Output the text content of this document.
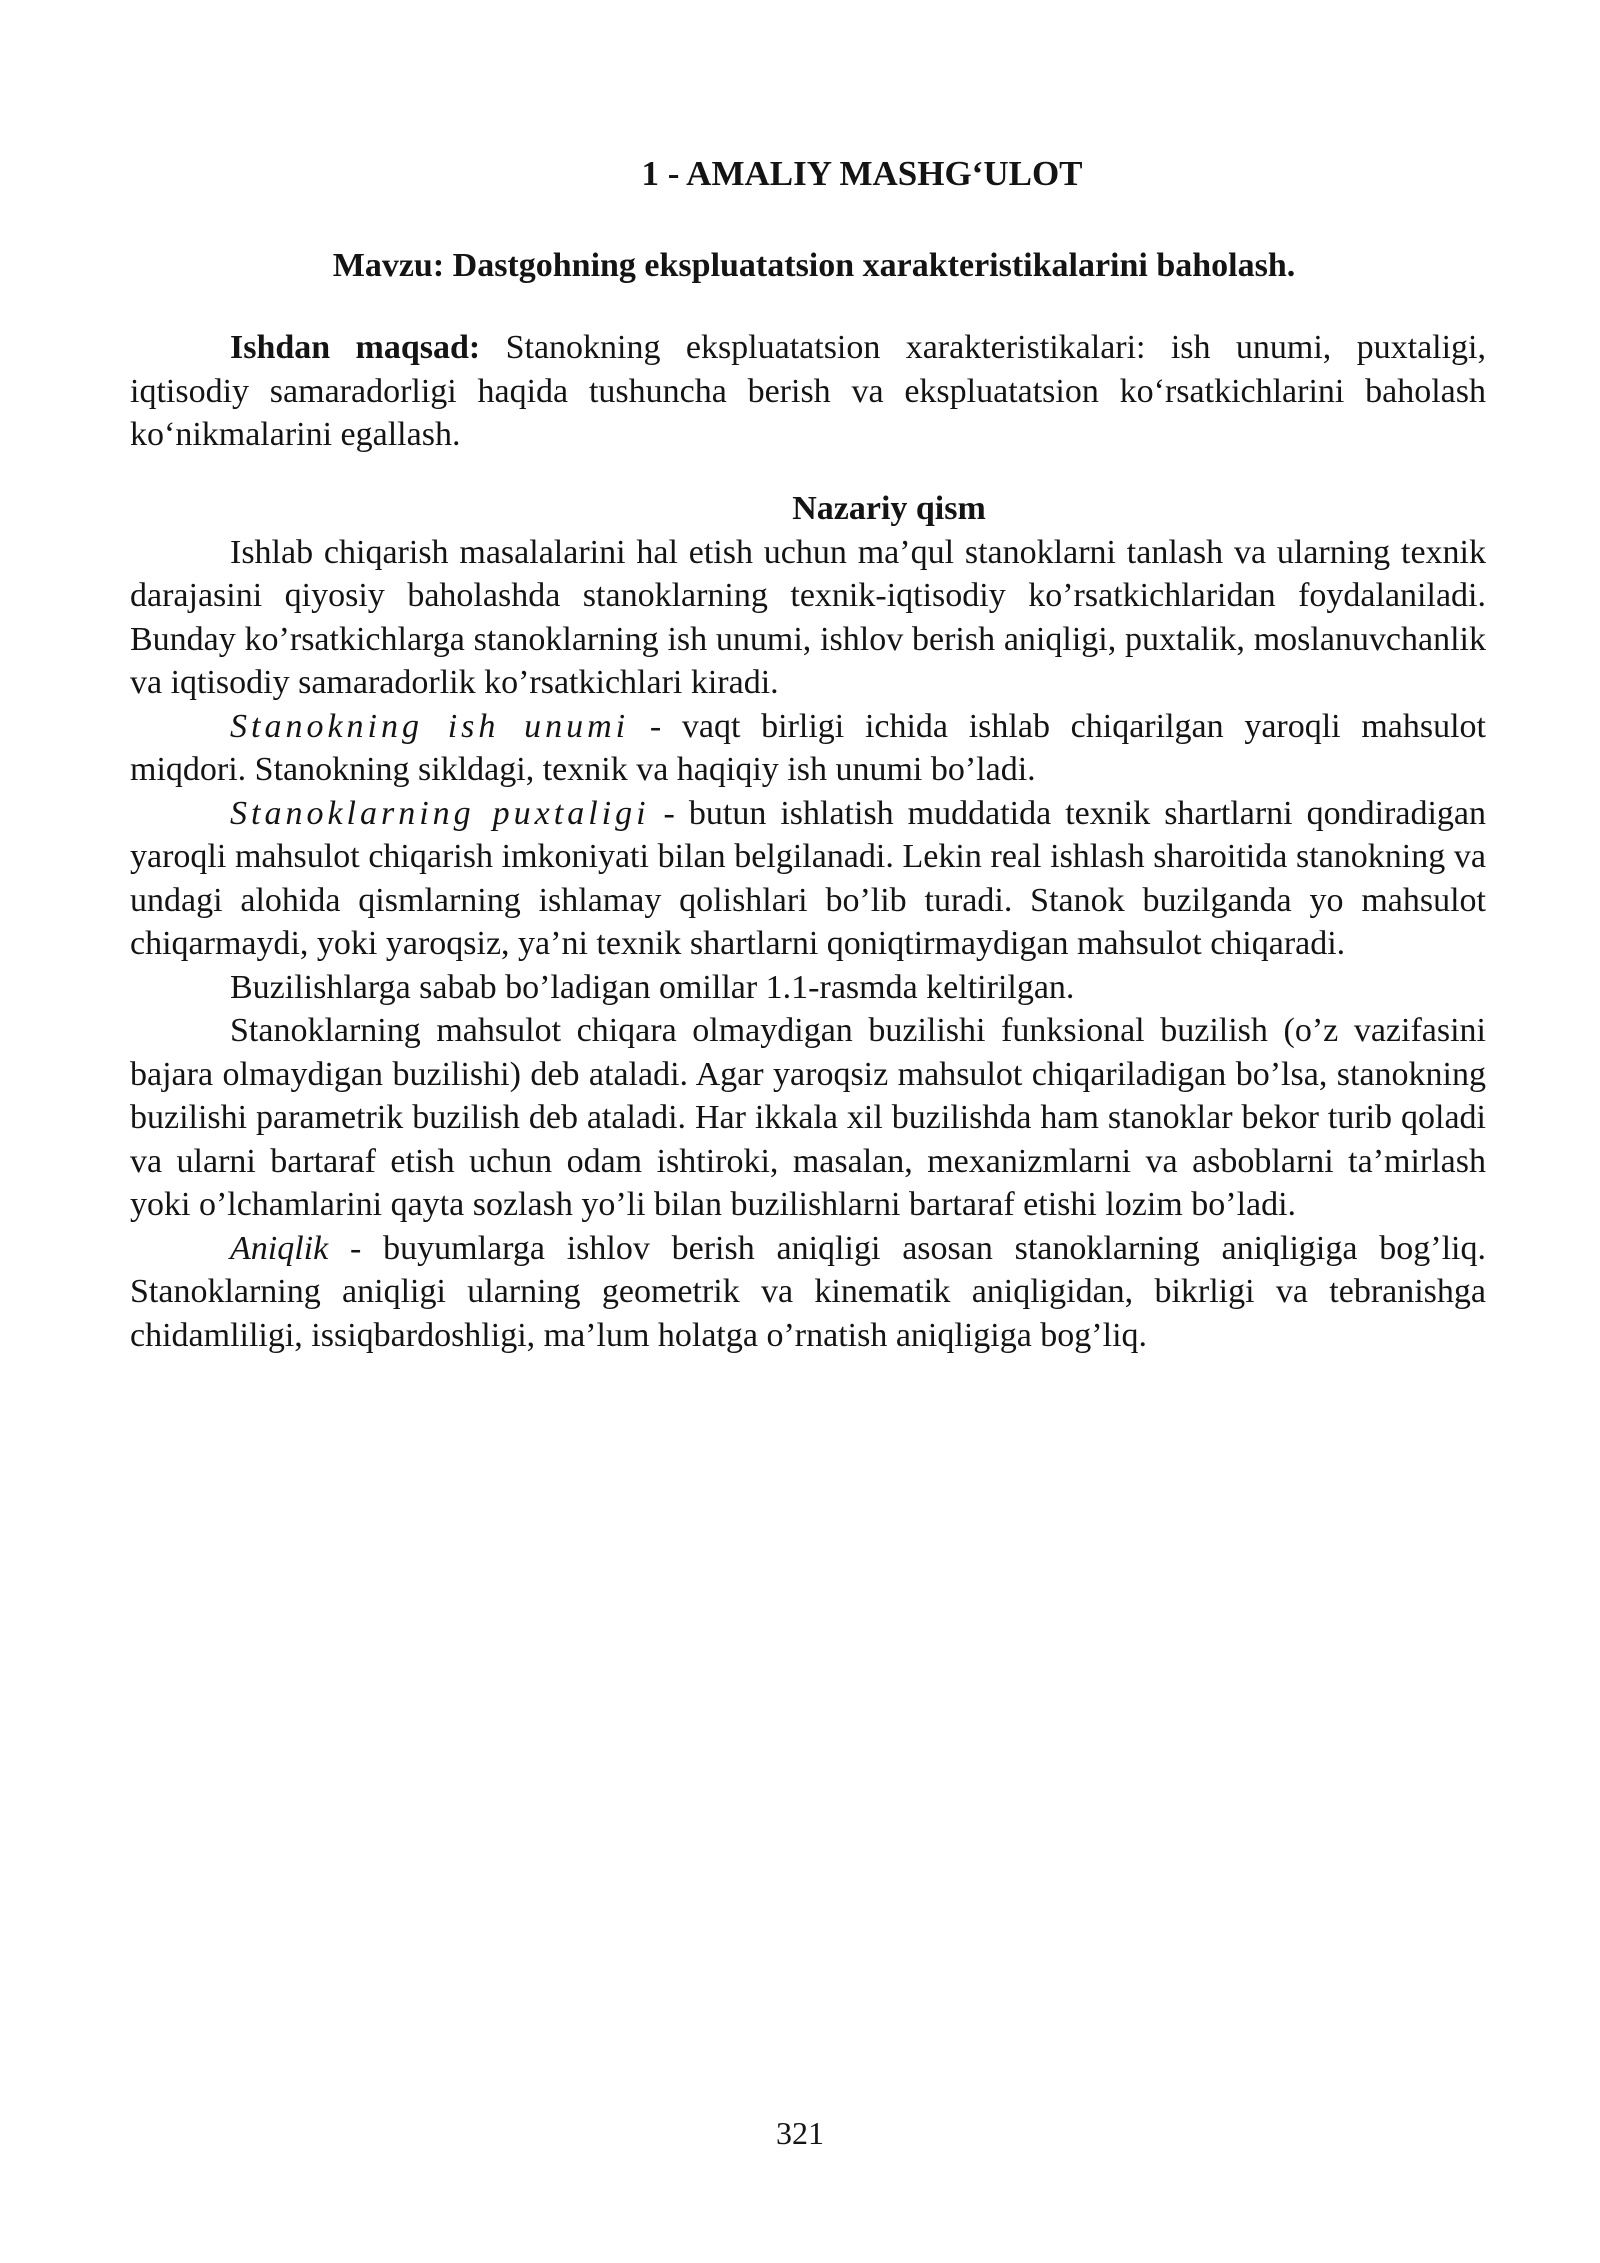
1 - AMALIY MASHG‘ULOT
Mavzu: Dastgohning ekspluatatsion xarakteristikalarini baholash.

Ishdan maqsad: Stanokning ekspluatatsion xarakteristikalari: ish unumi, puxtaligi, iqtisodiy samaradorligi haqida tushuncha berish va ekspluatatsion ko‘rsatkichlarini baholash ko‘nikmalarini egallash.

Nazariy qism

Ishlab chiqarish masalalarini hal etish uchun ma’qul stanoklarni tanlash va ularning texnik darajasini qiyosiy baholashda stanoklarning texnik-iqtisodiy ko’rsatkichlaridan foydalaniladi. Bunday ko’rsatkichlarga stanoklarning ish unumi, ishlov berish aniqligi, puxtalik, moslanuvchanlik va iqtisodiy samaradorlik ko’rsatkichlari kiradi.

Stanokning ish unumi - vaqt birligi ichida ishlab chiqarilgan yaroqli mahsulot miqdori. Stanokning sikldagi, texnik va haqiqiy ish unumi bo’ladi.

Stanoklarning puxtaligi - butun ishlatish muddatida texnik shartlarni qondiradigan yaroqli mahsulot chiqarish imkoniyati bilan belgilanadi. Lekin real ishlash sharoitida stanokning va undagi alohida qismlarning ishlamay qolishlari bo’lib turadi. Stanok buzilganda yo mahsulot chiqarmaydi, yoki yaroqsiz, ya’ni texnik shartlarni qoniqtirmaydigan mahsulot chiqaradi.

Buzilishlarga sabab bo’ladigan omillar 1.1-rasmda keltirilgan.

Stanoklarning mahsulot chiqara olmaydigan buzilishi funksional buzilish (o’z vazifasini bajara olmaydigan buzilishi) deb ataladi. Agar yaroqsiz mahsulot chiqariladigan bo’lsa, stanokning buzilishi parametrik buzilish deb ataladi. Har ikkala xil buzilishda ham stanoklar bekor turib qoladi va ularni bartaraf etish uchun odam ishtiroki, masalan, mexanizmlarni va asboblarni ta’mirlash yoki o’lchamlarini qayta sozlash yo’li bilan buzilishlarni bartaraf etishi lozim bo’ladi.

Aniqlik - buyumlarga ishlov berish aniqligi asosan stanoklarning aniqligiga bog’liq. Stanoklarning aniqligi ularning geometrik va kinematik aniqligidan, bikrligi va tebranishga chidamliligi, issiqbardoshligi, ma’lum holatga o’rnatish aniqligiga bog’liq.

321
